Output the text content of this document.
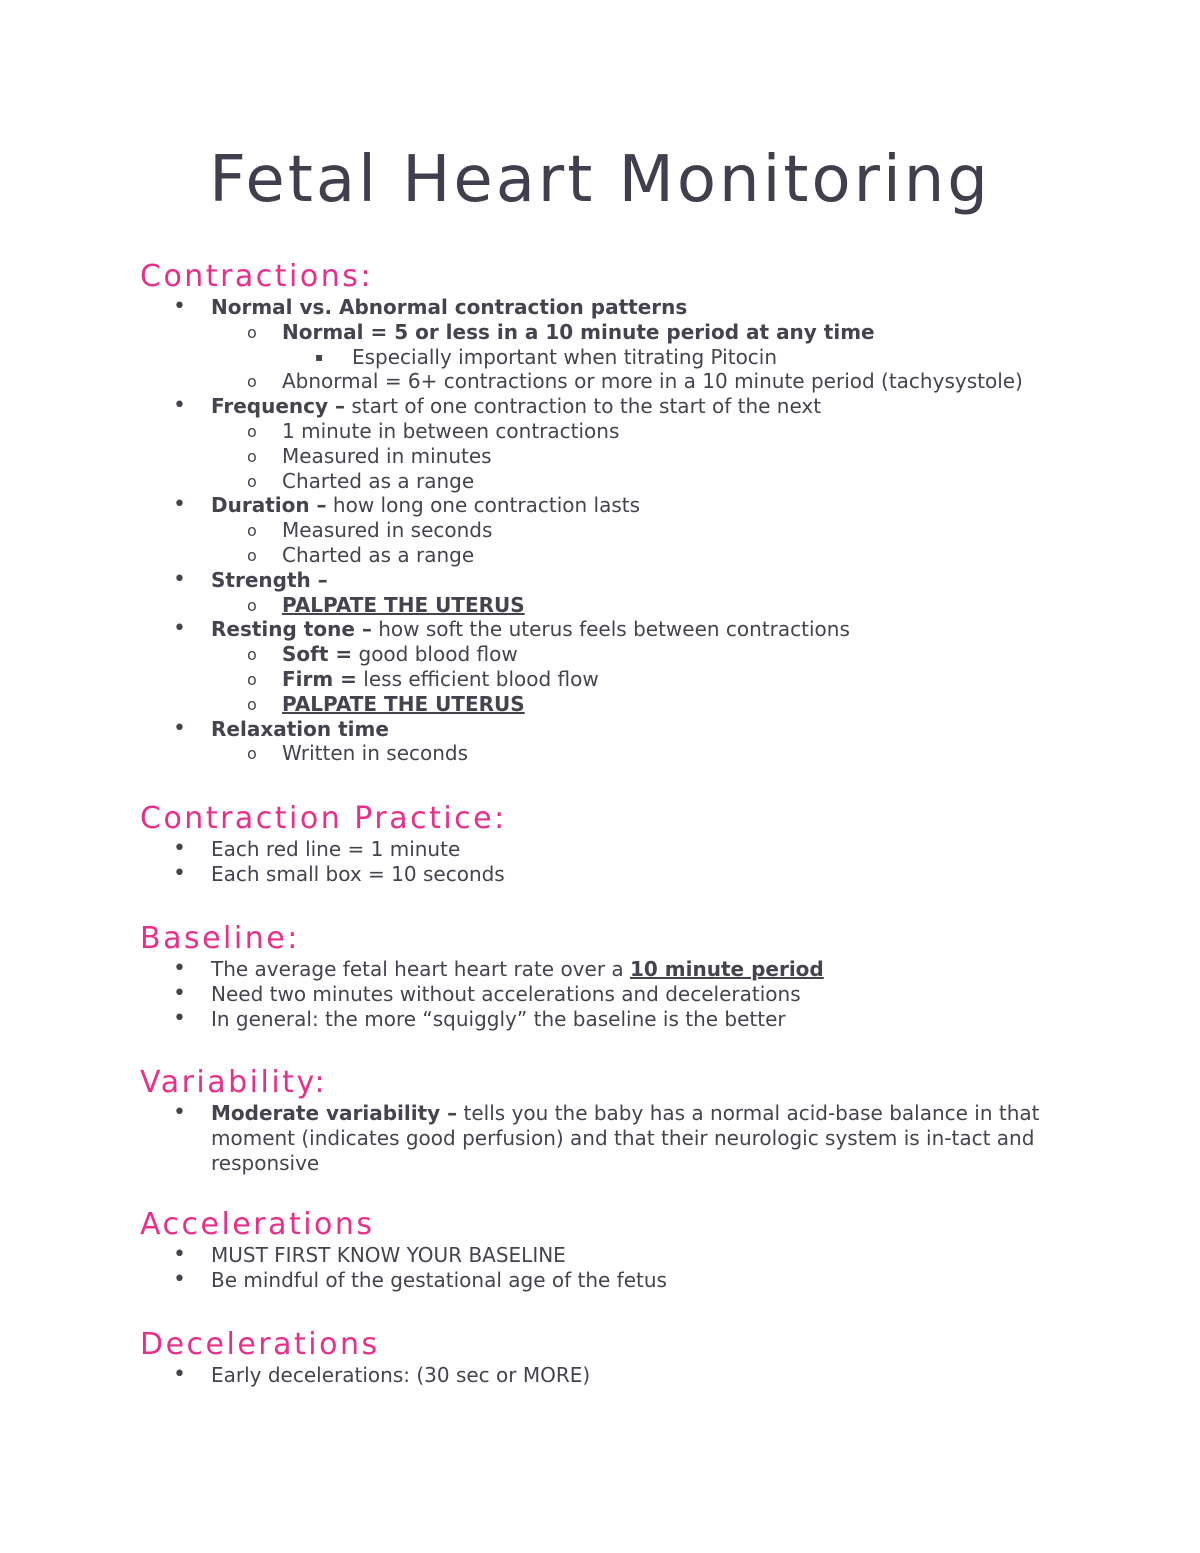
Fetal Heart Monitoring
Contractions:
• Normal vs. Abnormal contraction patterns
o Normal = 5 or less in a 10 minute period at any time
▪ Especially important when titrating Pitocin
o Abnormal = 6+ contractions or more in a 10 minute period (tachysystole)
• Frequency – start of one contraction to the start of the next
o 1 minute in between contractions
o Measured in minutes
o Charted as a range
• Duration – how long one contraction lasts
o Measured in seconds
o Charted as a range
• Strength –
o PALPATE THE UTERUS
• Resting tone – how soft the uterus feels between contractions
o Soft = good blood flow
o Firm = less efficient blood flow
o PALPATE THE UTERUS
• Relaxation time
o Written in seconds
Contraction Practice:
• Each red line = 1 minute
• Each small box = 10 seconds
Baseline:
• The average fetal heart heart rate over a 10 minute period
• Need two minutes without accelerations and decelerations
• In general: the more “squiggly” the baseline is the better
Variability:
• Moderate variability – tells you the baby has a normal acid-base balance in that moment (indicates good perfusion) and that their neurologic system is in-tact and responsive
Accelerations
• MUST FIRST KNOW YOUR BASELINE
• Be mindful of the gestational age of the fetus
Decelerations
• Early decelerations: (30 sec or MORE)
